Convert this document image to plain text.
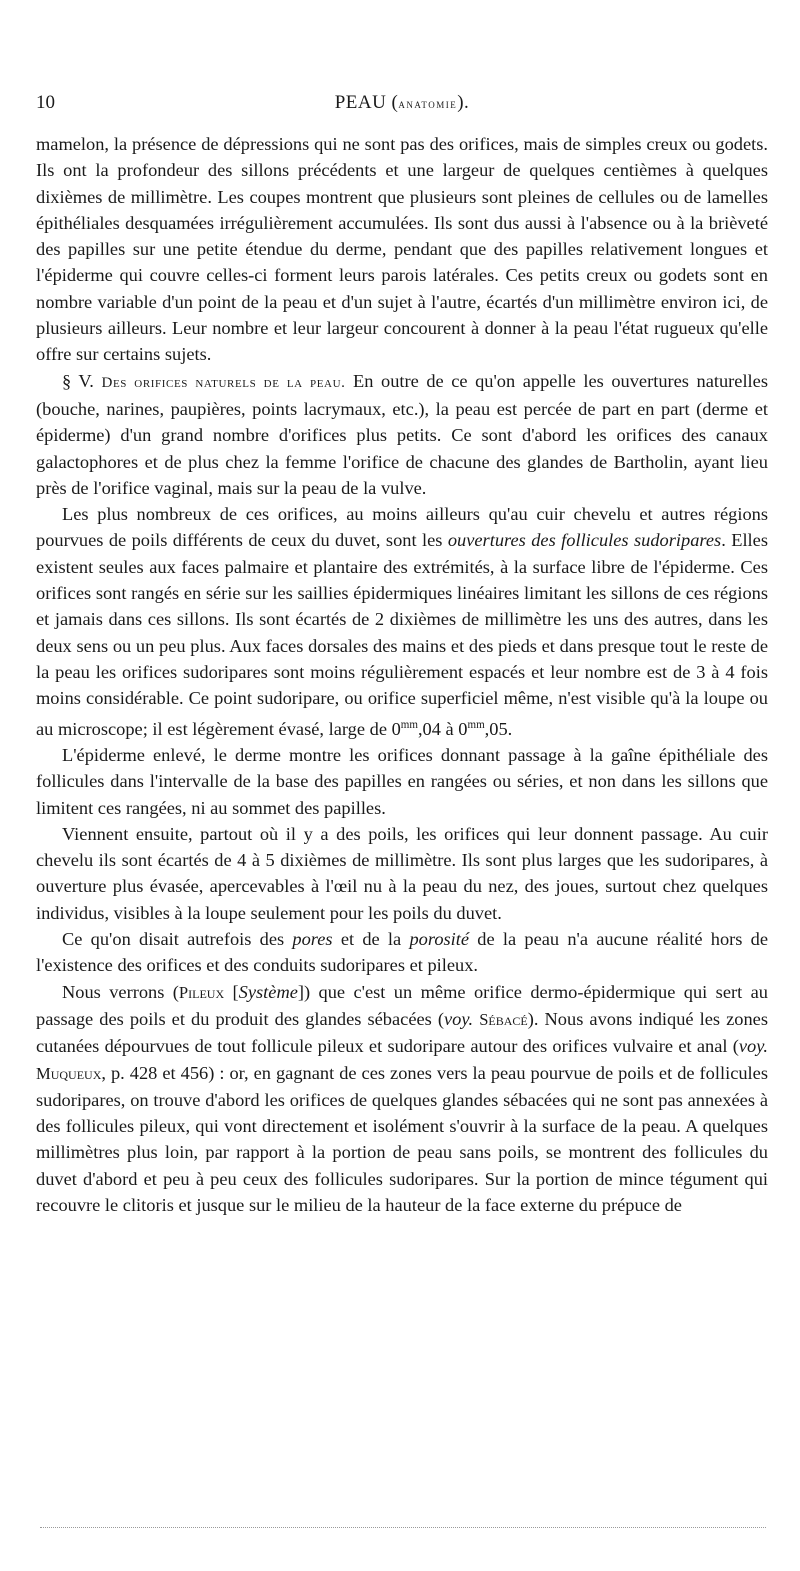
10	PEAU (anatomie).

mamelon, la présence de dépressions qui ne sont pas des orifices, mais de simples creux ou godets. Ils ont la profondeur des sillons précédents et une largeur de quelques centièmes à quelques dixièmes de millimètre. Les coupes montrent que plusieurs sont pleines de cellules ou de lamelles épithéliales desquamées irrégulièrement accumulées. Ils sont dus aussi à l'absence ou à la brièveté des papilles sur une petite étendue du derme, pendant que des papilles relativement longues et l'épiderme qui couvre celles-ci forment leurs parois latérales. Ces petits creux ou godets sont en nombre variable d'un point de la peau et d'un sujet à l'autre, écartés d'un millimètre environ ici, de plusieurs ailleurs. Leur nombre et leur largeur concourent à donner à la peau l'état rugueux qu'elle offre sur certains sujets.

§ V. Des orifices naturels de la peau. En outre de ce qu'on appelle les ouvertures naturelles (bouche, narines, paupières, points lacrymaux, etc.), la peau est percée de part en part (derme et épiderme) d'un grand nombre d'orifices plus petits. Ce sont d'abord les orifices des canaux galactophores et de plus chez la femme l'orifice de chacune des glandes de Bartholin, ayant lieu près de l'orifice vaginal, mais sur la peau de la vulve.

Les plus nombreux de ces orifices, au moins ailleurs qu'au cuir chevelu et autres régions pourvues de poils différents de ceux du duvet, sont les ouvertures des follicules sudoripares. Elles existent seules aux faces palmaire et plantaire des extrémités, à la surface libre de l'épiderme. Ces orifices sont rangés en série sur les saillies épidermiques linéaires limitant les sillons de ces régions et jamais dans ces sillons. Ils sont écartés de 2 dixièmes de millimètre les uns des autres, dans les deux sens ou un peu plus. Aux faces dorsales des mains et des pieds et dans presque tout le reste de la peau les orifices sudoripares sont moins régulièrement espacés et leur nombre est de 3 à 4 fois moins considérable. Ce point sudoripare, ou orifice superficiel même, n'est visible qu'à la loupe ou au microscope; il est légèrement évasé, large de $0^{mm},04$ à $0^{mm},05$.

L'épiderme enlevé, le derme montre les orifices donnant passage à la gaîne épithéliale des follicules dans l'intervalle de la base des papilles en rangées ou séries, et non dans les sillons que limitent ces rangées, ni au sommet des papilles.

Viennent ensuite, partout où il y a des poils, les orifices qui leur donnent passage. Au cuir chevelu ils sont écartés de 4 à 5 dixièmes de millimètre. Ils sont plus larges que les sudoripares, à ouverture plus évasée, apercevables à l'œil nu à la peau du nez, des joues, surtout chez quelques individus, visibles à la loupe seulement pour les poils du duvet.

Ce qu'on disait autrefois des pores et de la porosité de la peau n'a aucune réalité hors de l'existence des orifices et des conduits sudoripares et pileux.

Nous verrons (Pileux [Système]) que c'est un même orifice dermo-épidermique qui sert au passage des poils et du produit des glandes sébacées (voy. Sébacé). Nous avons indiqué les zones cutanées dépourvues de tout follicule pileux et sudoripare autour des orifices vulvaire et anal (voy. Muqueux, p. 428 et 456) : or, en gagnant de ces zones vers la peau pourvue de poils et de follicules sudoripares, on trouve d'abord les orifices de quelques glandes sébacées qui ne sont pas annexées à des follicules pileux, qui vont directement et isolément s'ouvrir à la surface de la peau. A quelques millimètres plus loin, par rapport à la portion de peau sans poils, se montrent des follicules du duvet d'abord et peu à peu ceux des follicules sudoripares. Sur la portion de mince tégument qui recouvre le clitoris et jusque sur le milieu de la hauteur de la face externe du prépuce de
